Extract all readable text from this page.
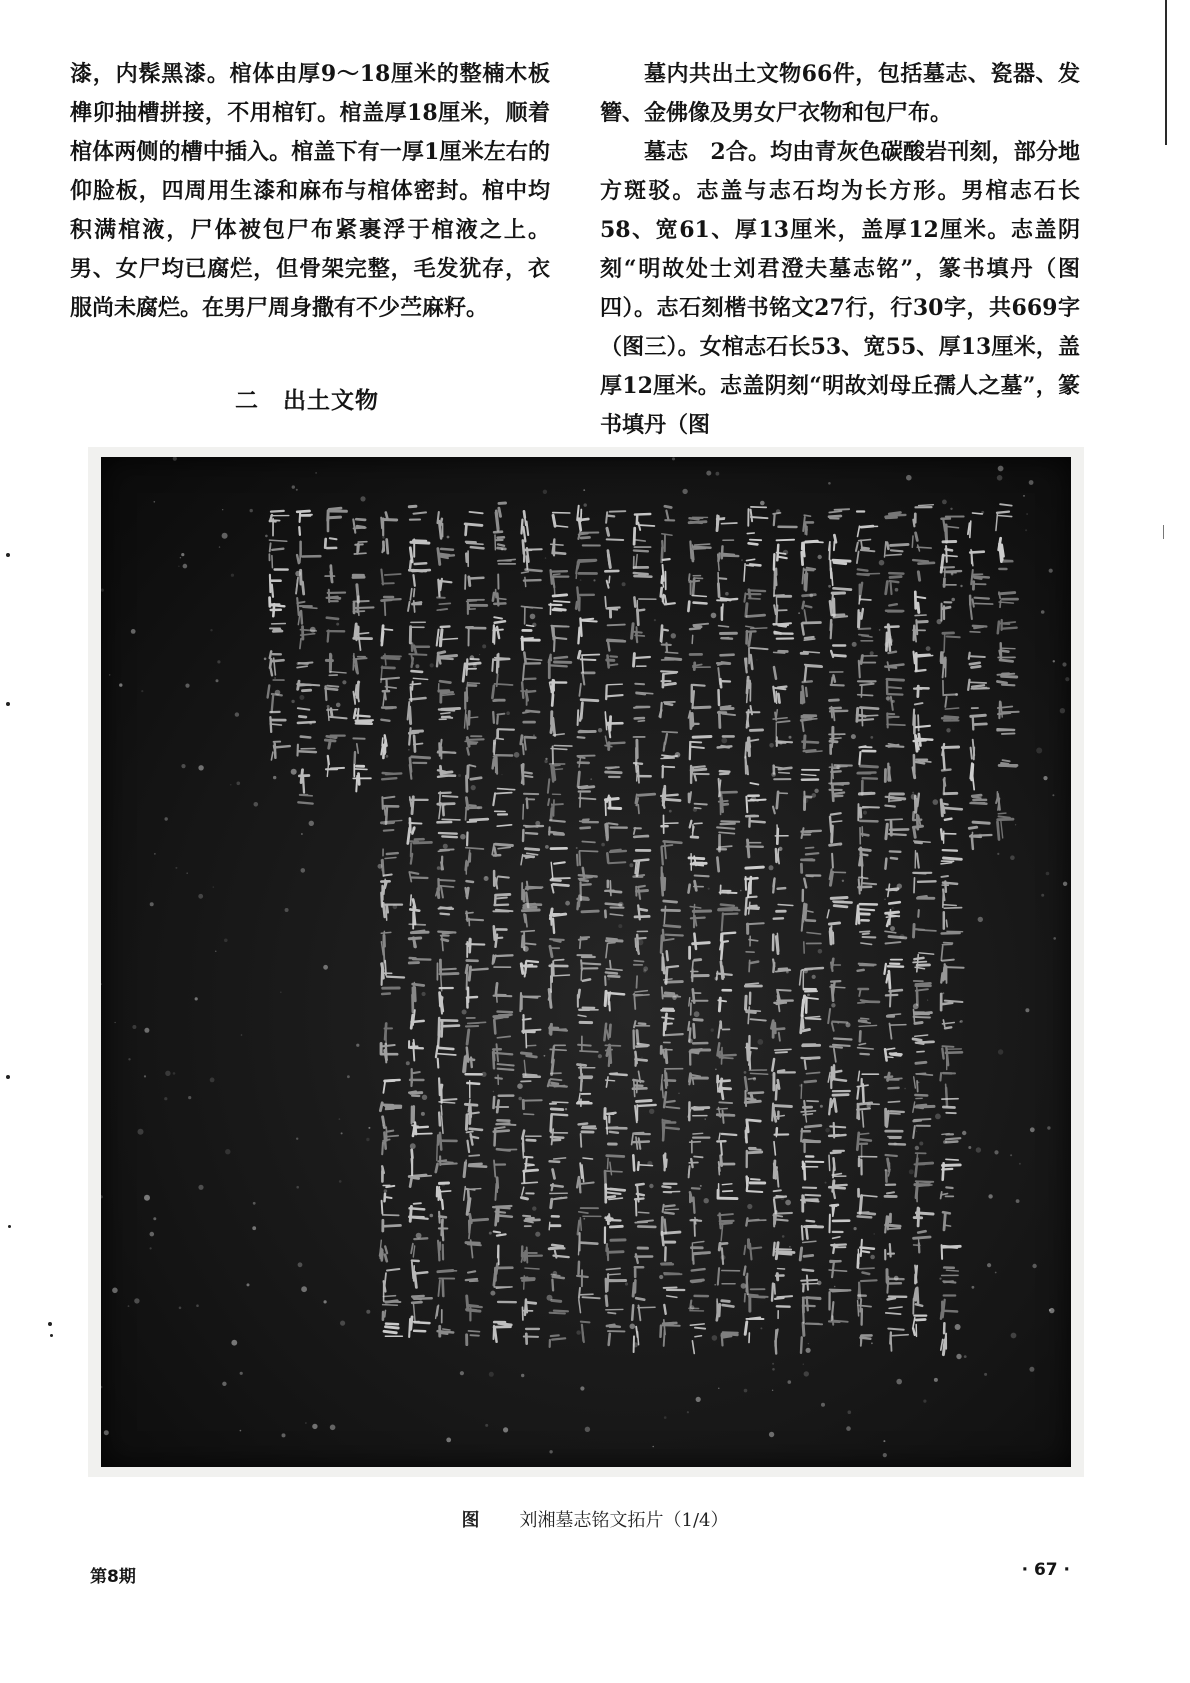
漆，内髹黑漆。棺体由厚9～18厘米的整楠木板榫卯抽槽拼接，不用棺钉。棺盖厚18厘米，顺着棺体两侧的槽中插入。棺盖下有一厚1厘米左右的仰脸板，四周用生漆和麻布与棺体密封。棺中均积满棺液，尸体被包尸布紧裹浮于棺液之上。男、女尸均已腐烂，但骨架完整，毛发犹存，衣服尚未腐烂。在男尸周身撒有不少苎麻籽。

二　出土文物

墓内共出土文物66件，包括墓志、瓷器、发簪、金佛像及男女尸衣物和包尸布。

墓志　2合。均由青灰色碳酸岩刊刻，部分地方斑驳。志盖与志石均为长方形。男棺志石长58、宽61、厚13厘米，盖厚12厘米。志盖阴刻“明故处士刘君澄夫墓志铭”，篆书填丹（图四）。志石刻楷书铭文27行，行30字，共669字（图三）。女棺志石长53、宽55、厚13厘米，盖厚12厘米。志盖阴刻“明故刘母丘孺人之墓”，篆书填丹（图

图 刘湘墓志铭文拓片（1/4）
第8期	· 67 ·
